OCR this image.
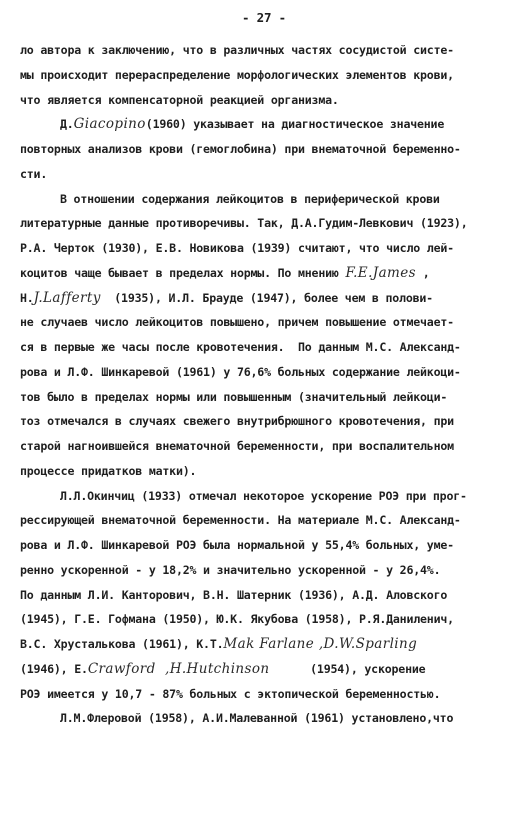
- 27 -
ло автора к заключению, что в различных частях сосудистой систе-
мы происходит перераспределение морфологических элементов крови,
что является компенсаторной реакцией организма.
Д.Giacopino(1960) указывает на диагностическое значение
повторных анализов крови (гемоглобина) при внематочной беременно-
сти.
В отношении содержания лейкоцитов в периферической крови
литературные данные противоречивы. Так, Д.А.Гудим-Левкович (1923),
Р.А. Черток (1930), Е.В. Новикова (1939) считают, что число лей-
коцитов чаще бывает в пределах нормы. По мнению F.E.James ,
H.J.Lafferty  (1935), И.Л. Брауде (1947), более чем в полови-
не случаев число лейкоцитов повышено, причем повышение отмечает-
ся в первые же часы после кровотечения.  По данным М.С. Александ-
рова и Л.Ф. Шинкаревой (1961) у 76,6% больных содержание лейкоци-
тов было в пределах нормы или повышенным (значительный лейкоци-
тоз отмечался в случаях свежего внутрибрюшного кровотечения, при
старой нагноившейся внематочной беременности, при воспалительном
процессе придатков матки).
Л.Л.Окинчиц (1933) отмечал некоторое ускорение РОЭ при прог-
рессирующей внематочной беременности. На материале М.С. Александ-
рова и Л.Ф. Шинкаревой РОЭ была нормальной у 55,4% больных, уме-
ренно ускоренной - у 18,2% и значительно ускоренной - у 26,4%.
По данным Л.И. Канторович, В.Н. Шатерник (1936), А.Д. Аловского
(1945), Г.Е. Гофмана (1950), Ю.К. Якубова (1958), Р.Я.Даниленич,
В.С. Хрусталькова (1961), К.Т.Mak Farlane ,D.W.Sparling
(1946), Е.Crawford  ,H.Hutchinson      (1954), ускорение
РОЭ имеется у 10,7 - 87% больных с эктопической беременностью.
Л.М.Флеровой (1958), А.И.Малеванной (1961) установлено,что
